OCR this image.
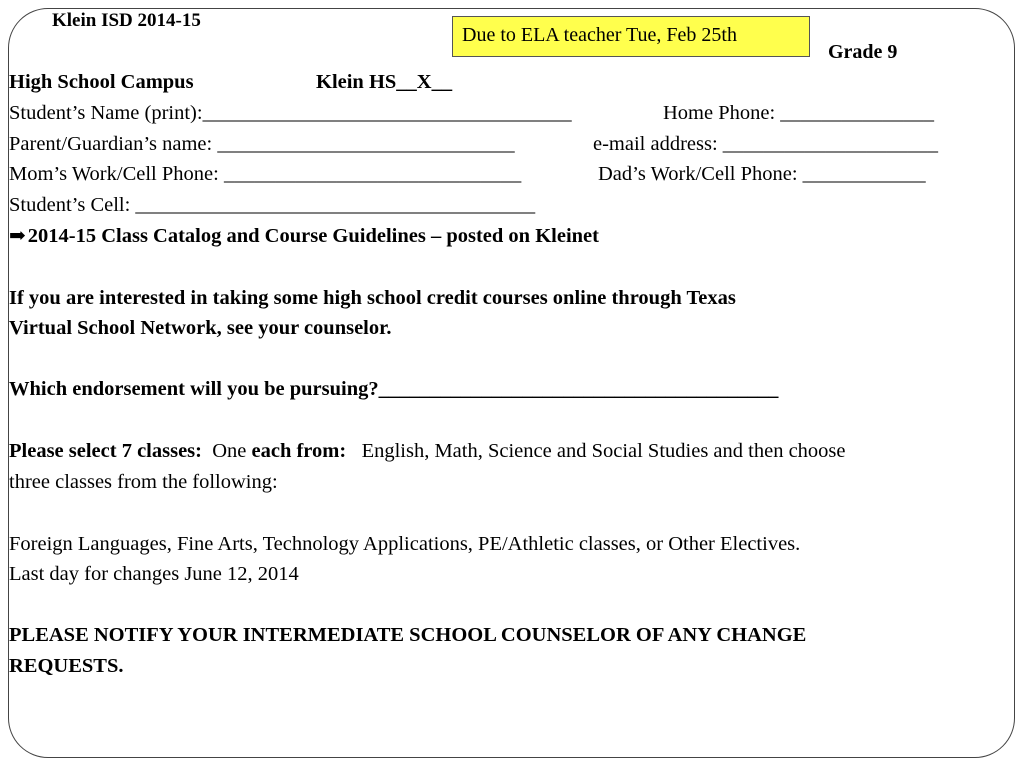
Klein ISD 2014-15
Due to ELA teacher Tue, Feb 25th
Grade 9
High School Campus	Klein HS__X__
Student’s Name (print):____________________________________	Home Phone: _______________
Parent/Guardian’s name: _____________________________	e-mail address: _____________________
Mom’s Work/Cell Phone: _____________________________	Dad’s Work/Cell Phone: ____________
Student’s Cell: _______________________________________
➡2014-15 Class Catalog and Course Guidelines – posted on Kleinet
If you are interested in taking some high school credit courses online through Texas
Virtual School Network, see your counselor.
Which endorsement will you be pursuing?_______________________________________
Please select 7 classes: One each from: English, Math, Science and Social Studies and then choose
three classes from the following:
Foreign Languages, Fine Arts, Technology Applications, PE/Athletic classes, or Other Electives.
Last day for changes June 12, 2014
PLEASE NOTIFY YOUR INTERMEDIATE SCHOOL COUNSELOR OF ANY CHANGE
REQUESTS.
